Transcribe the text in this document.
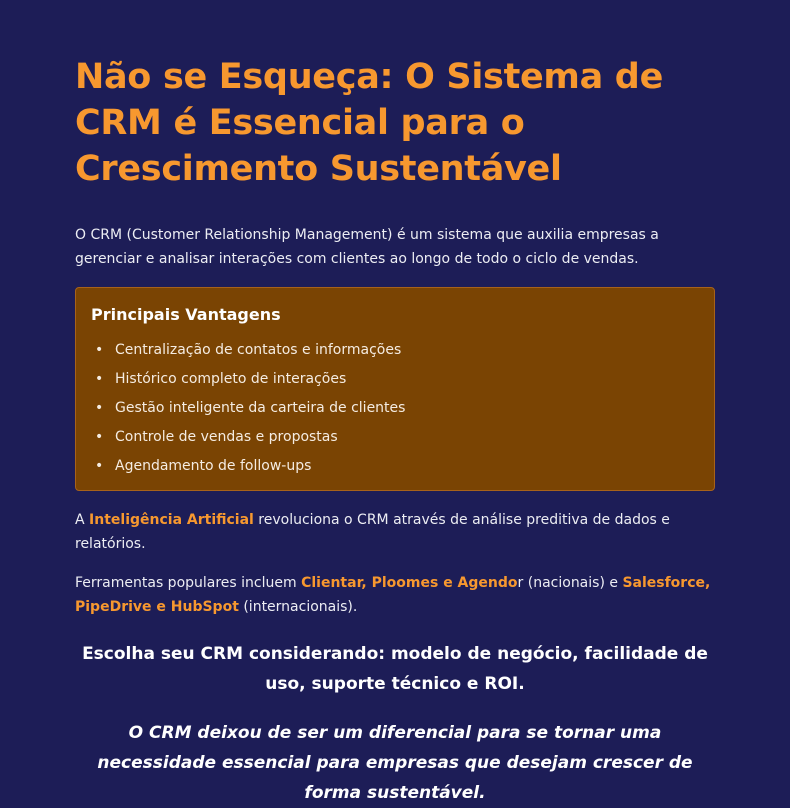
Não se Esqueça: O Sistema de CRM é Essencial para o Crescimento Sustentável

O CRM (Customer Relationship Management) é um sistema que auxilia empresas a gerenciar e analisar interações com clientes ao longo de todo o ciclo de vendas.

Principais Vantagens
• Centralização de contatos e informações
• Histórico completo de interações
• Gestão inteligente da carteira de clientes
• Controle de vendas e propostas
• Agendamento de follow-ups

A Inteligência Artificial revoluciona o CRM através de análise preditiva de dados e relatórios.

Ferramentas populares incluem Clientar, Ploomes e Agendor (nacionais) e Salesforce, PipeDrive e HubSpot (internacionais).

Escolha seu CRM considerando: modelo de negócio, facilidade de uso, suporte técnico e ROI.

O CRM deixou de ser um diferencial para se tornar uma necessidade essencial para empresas que desejam crescer de forma sustentável.
